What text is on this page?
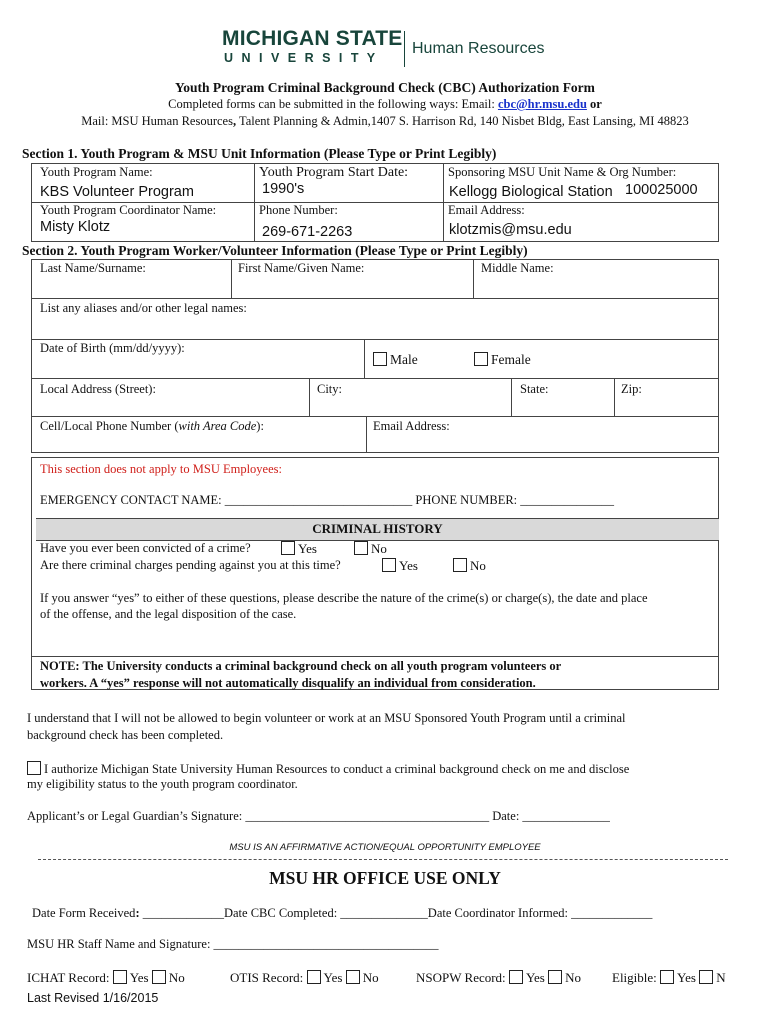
MICHIGAN STATE
U N I V E R S I T Y
Human Resources
Youth Program Criminal Background Check (CBC) Authorization Form
Completed forms can be submitted in the following ways: Email: cbc@hr.msu.edu or
Mail: MSU Human Resources, Talent Planning & Admin,1407 S. Harrison Rd, 140 Nisbet Bldg, East Lansing, MI 48823
Section 1. Youth Program & MSU Unit Information (Please Type or Print Legibly)
Youth Program Name:
KBS Volunteer Program
Youth Program Start Date:
1990's
Sponsoring MSU Unit Name & Org Number:
Kellogg Biological Station 100025000
Youth Program Coordinator Name:
Misty Klotz
Phone Number:
269-671-2263
Email Address:
klotzmis@msu.edu
Section 2. Youth Program Worker/Volunteer Information (Please Type or Print Legibly)
Last Name/Surname:	First Name/Given Name:	Middle Name:
List any aliases and/or other legal names:
Date of Birth (mm/dd/yyyy):
Male	Female
Local Address (Street):	City:	State:	Zip:
Cell/Local Phone Number (with Area Code):	Email Address:
This section does not apply to MSU Employees:
EMERGENCY CONTACT NAME: ______________________________ PHONE NUMBER: _______________
CRIMINAL HISTORY
Have you ever been convicted of a crime?	Yes	No
Are there criminal charges pending against you at this time?	Yes	No
If you answer “yes” to either of these questions, please describe the nature of the crime(s) or charge(s), the date and place
of the offense, and the legal disposition of the case.
NOTE: The University conducts a criminal background check on all youth program volunteers or
workers. A “yes” response will not automatically disqualify an individual from consideration.
I understand that I will not be allowed to begin volunteer or work at an MSU Sponsored Youth Program until a criminal
background check has been completed.
I authorize Michigan State University Human Resources to conduct a criminal background check on me and disclose
my eligibility status to the youth program coordinator.
Applicant’s or Legal Guardian’s Signature: _______________________________________ Date: ______________
MSU IS AN AFFIRMATIVE ACTION/EQUAL OPPORTUNITY EMPLOYEE
MSU HR OFFICE USE ONLY
Date Form Received: _____________Date CBC Completed: ______________Date Coordinator Informed: _____________
MSU HR Staff Name and Signature: ____________________________________
ICHAT Record: Yes No	OTIS Record: Yes No	NSOPW Record: Yes No Eligible: Yes N
Last Revised 1/16/2015
